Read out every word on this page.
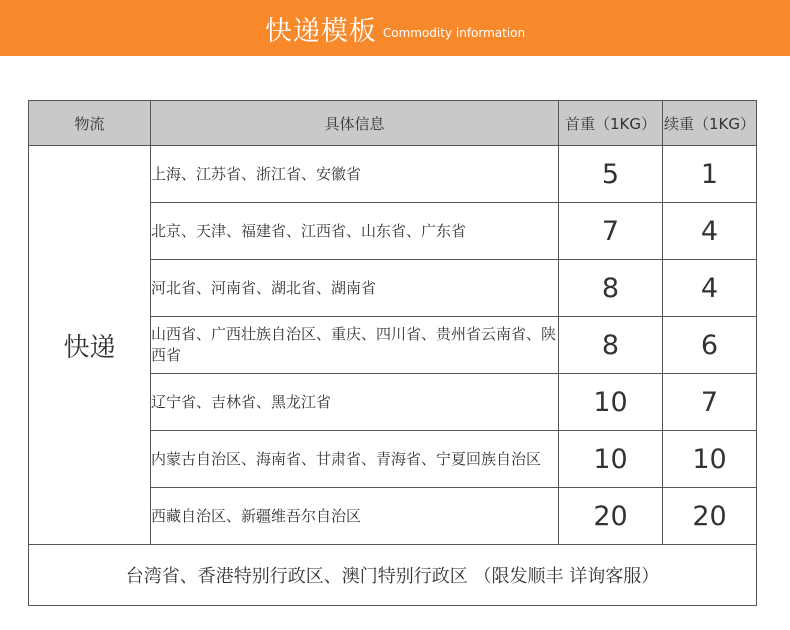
快递模板 Commodity information
物流	具体信息	首重（1KG）	续重（1KG）
快递	上海、江苏省、浙江省、安徽省	5	1
	北京、天津、福建省、江西省、山东省、广东省	7	4
	河北省、河南省、湖北省、湖南省	8	4
	山西省、广西壮族自治区、重庆、四川省、贵州省云南省、陕西省	8	6
	辽宁省、吉林省、黑龙江省	10	7
	内蒙古自治区、海南省、甘肃省、青海省、宁夏回族自治区	10	10
	西藏自治区、新疆维吾尔自治区	20	20
台湾省、香港特别行政区、澳门特别行政区 （限发顺丰 详询客服）			
